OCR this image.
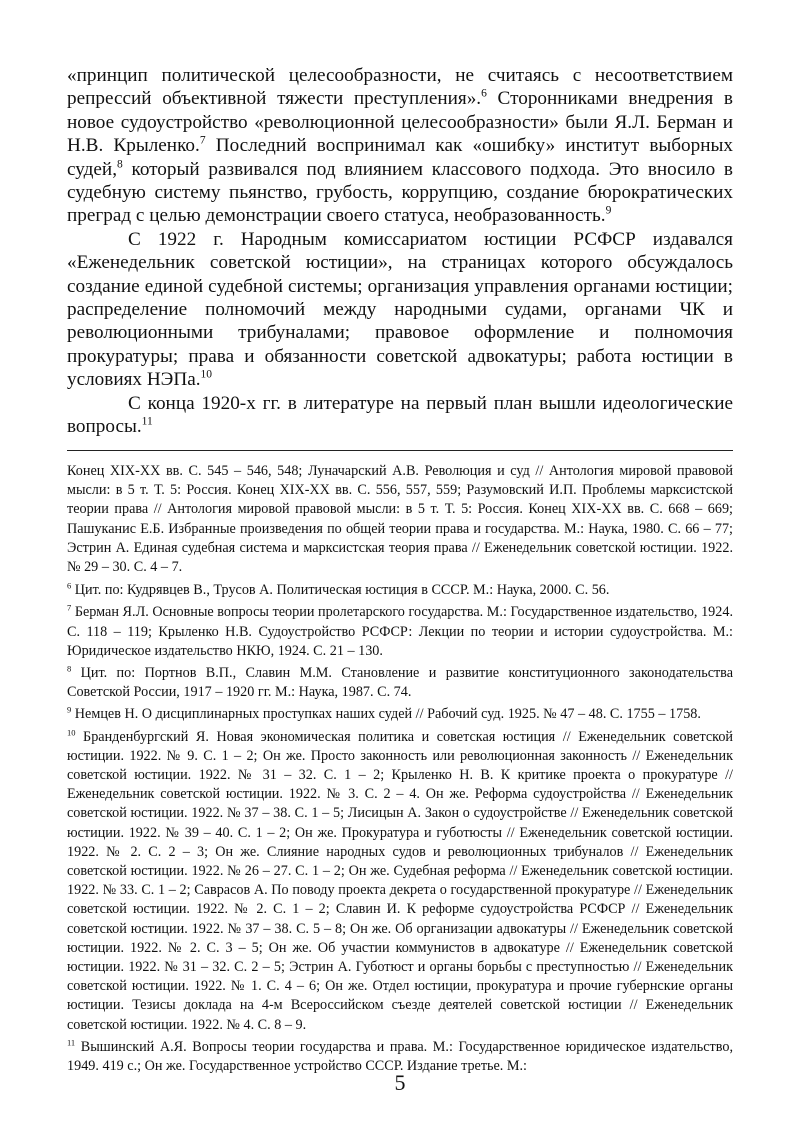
«принцип политической целесообразности, не считаясь с несоответствием репрессий объективной тяжести преступления».$^6$ Сторонниками внедрения в новое судоустройство «революционной целесообразности» были Я.Л. Берман и Н.В. Крыленко.$^7$ Последний воспринимал как «ошибку» институт выборных судей,$^8$ который развивался под влиянием классового подхода. Это вносило в судебную систему пьянство, грубость, коррупцию, создание бюрократических преград с целью демонстрации своего статуса, необразованность.$^9$

С 1922 г. Народным комиссариатом юстиции РСФСР издавался «Еженедельник советской юстиции», на страницах которого обсуждалось создание единой судебной системы; организация управления органами юстиции; распределение полномочий между народными судами, органами ЧК и революционными трибуналами; правовое оформление и полномочия прокуратуры; права и обязанности советской адвокатуры; работа юстиции в условиях НЭПа.$^{10}$

С конца 1920-х гг. в литературе на первый план вышли идеологические вопросы.$^{11}$

Конец XIX-XX вв. С. 545 – 546, 548; Луначарский А.В. Революция и суд // Антология мировой правовой мысли: в 5 т. Т. 5: Россия. Конец XIX-XX вв. С. 556, 557, 559; Разумовский И.П. Проблемы марксистской теории права // Антология мировой правовой мысли: в 5 т. Т. 5: Россия. Конец XIX-XX вв. С. 668 – 669; Пашуканис Е.Б. Избранные произведения по общей теории права и государства. М.: Наука, 1980. С. 66 – 77; Эстрин А. Единая судебная система и марксистская теория права // Еженедельник советской юстиции. 1922. № 29 – 30. С. 4 – 7.

$^6$ Цит. по: Кудрявцев В., Трусов А. Политическая юстиция в СССР. М.: Наука, 2000. С. 56.

$^7$ Берман Я.Л. Основные вопросы теории пролетарского государства. М.: Государственное издательство, 1924. С. 118 – 119; Крыленко Н.В. Судоустройство РСФСР: Лекции по теории и истории судоустройства. М.: Юридическое издательство НКЮ, 1924. С. 21 – 130.

$^8$ Цит. по: Портнов В.П., Славин М.М. Становление и развитие конституционного законодательства Советской России, 1917 – 1920 гг. М.: Наука, 1987. С. 74.

$^9$ Немцев Н. О дисциплинарных проступках наших судей // Рабочий суд. 1925. № 47 – 48. С. 1755 – 1758.

$^{10}$ Бранденбургский Я. Новая экономическая политика и советская юстиция // Еженедельник советской юстиции. 1922. № 9. С. 1 – 2; Он же. Просто законность или революционная законность // Еженедельник советской юстиции. 1922. № 31 – 32. С. 1 – 2; Крыленко Н. В. К критике проекта о прокуратуре // Еженедельник советской юстиции. 1922. № 3. С. 2 – 4. Он же. Реформа судоустройства // Еженедельник советской юстиции. 1922. № 37 – 38. С. 1 – 5; Лисицын А. Закон о судоустройстве // Еженедельник советской юстиции. 1922. № 39 – 40. С. 1 – 2; Он же. Прокуратура и губотюсты // Еженедельник советской юстиции. 1922. № 2. С. 2 – 3; Он же. Слияние народных судов и революционных трибуналов // Еженедельник советской юстиции. 1922. № 26 – 27. С. 1 – 2; Он же. Судебная реформа // Еженедельник советской юстиции. 1922. № 33. С. 1 – 2; Саврасов А. По поводу проекта декрета о государственной прокуратуре // Еженедельник советской юстиции. 1922. № 2. С. 1 – 2; Славин И. К реформе судоустройства РСФСР // Еженедельник советской юстиции. 1922. № 37 – 38. С. 5 – 8; Он же. Об организации адвокатуры // Еженедельник советской юстиции. 1922. № 2. С. 3 – 5; Он же. Об участии коммунистов в адвокатуре // Еженедельник советской юстиции. 1922. № 31 – 32. С. 2 – 5; Эстрин А. Губотюст и органы борьбы с преступностью // Еженедельник советской юстиции. 1922. № 1. С. 4 – 6; Он же. Отдел юстиции, прокуратура и прочие губернские органы юстиции. Тезисы доклада на 4-м Всероссийском съезде деятелей советской юстиции // Еженедельник советской юстиции. 1922. № 4. С. 8 – 9.

$^{11}$ Вышинский А.Я. Вопросы теории государства и права. М.: Государственное юридическое издательство, 1949. 419 с.; Он же. Государственное устройство СССР. Издание третье. М.:

5
